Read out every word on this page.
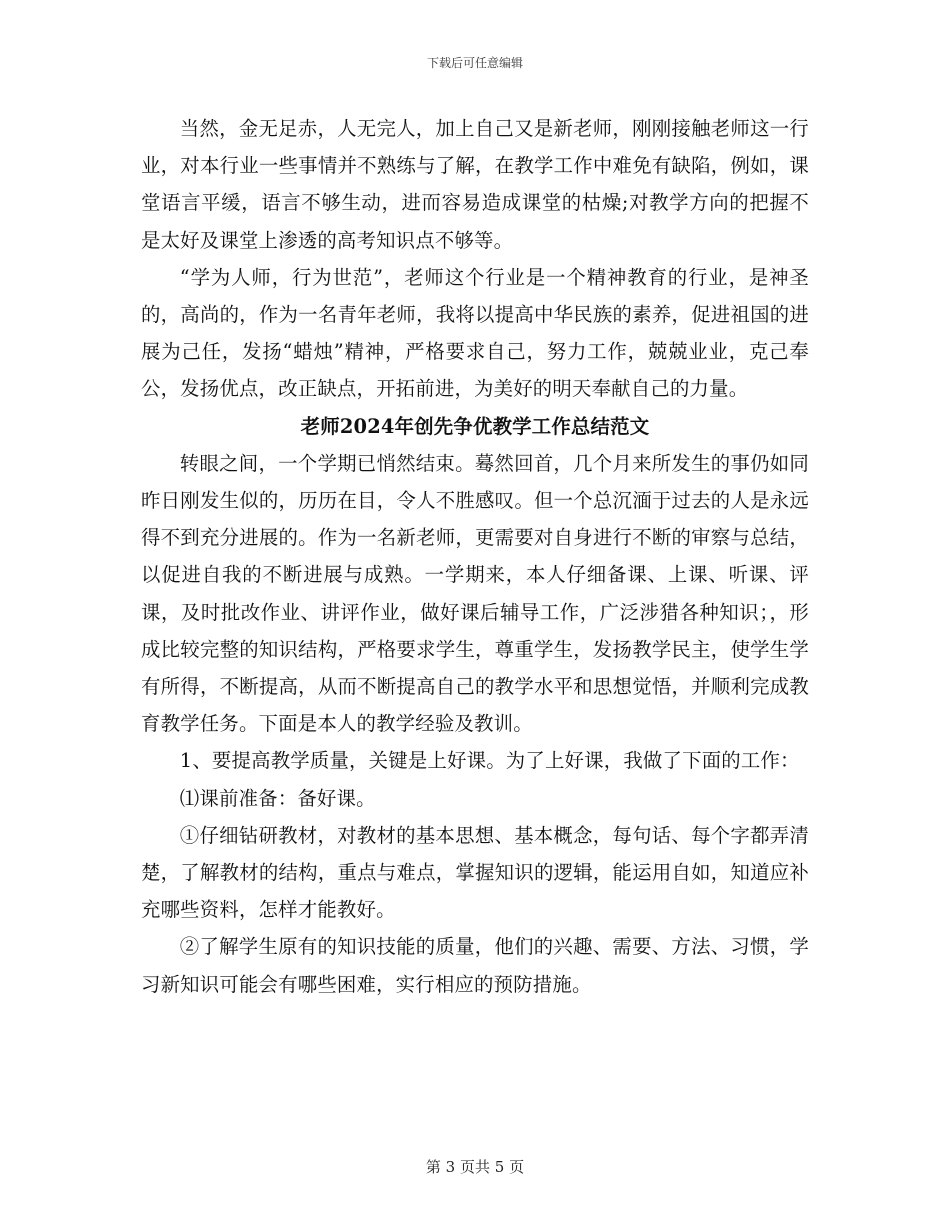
下载后可任意编辑

当然，金无足赤，人无完人，加上自己又是新老师，刚刚接触老师这一行业，对本行业一些事情并不熟练与了解，在教学工作中难免有缺陷，例如，课堂语言平缓，语言不够生动，进而容易造成课堂的枯燥;对教学方向的把握不是太好及课堂上渗透的高考知识点不够等。

“学为人师，行为世范”，老师这个行业是一个精神教育的行业，是神圣的，高尚的，作为一名青年老师，我将以提高中华民族的素养，促进祖国的进展为己任，发扬“蜡烛”精神，严格要求自己，努力工作，兢兢业业，克己奉公，发扬优点，改正缺点，开拓前进，为美好的明天奉献自己的力量。

老师2024年创先争优教学工作总结范文

转眼之间，一个学期已悄然结束。蓦然回首，几个月来所发生的事仍如同昨日刚发生似的，历历在目，令人不胜感叹。但一个总沉湎于过去的人是永远得不到充分进展的。作为一名新老师，更需要对自身进行不断的审察与总结，以促进自我的不断进展与成熟。一学期来，本人仔细备课、上课、听课、评课，及时批改作业、讲评作业，做好课后辅导工作，广泛涉猎各种知识；，形成比较完整的知识结构，严格要求学生，尊重学生，发扬教学民主，使学生学有所得，不断提高，从而不断提高自己的教学水平和思想觉悟，并顺利完成教育教学任务。下面是本人的教学经验及教训。

1、要提高教学质量，关键是上好课。为了上好课，我做了下面的工作：

⑴课前准备：备好课。

①仔细钻研教材，对教材的基本思想、基本概念，每句话、每个字都弄清楚，了解教材的结构，重点与难点，掌握知识的逻辑，能运用自如，知道应补充哪些资料，怎样才能教好。

②了解学生原有的知识技能的质量，他们的兴趣、需要、方法、习惯，学习新知识可能会有哪些困难，实行相应的预防措施。

第 3 页共 5 页
